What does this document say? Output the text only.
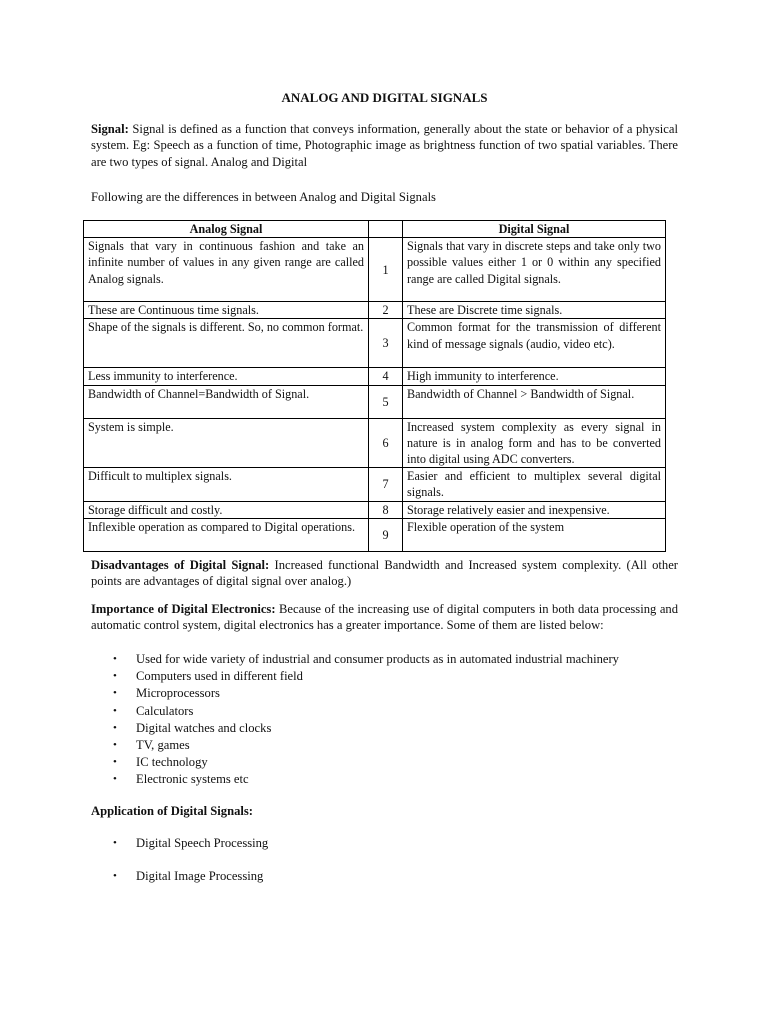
ANALOG AND DIGITAL SIGNALS

Signal: Signal is defined as a function that conveys information, generally about the state or behavior of a physical system. Eg: Speech as a function of time, Photographic image as brightness function of two spatial variables. There are two types of signal. Analog and Digital

Following are the differences in between Analog and Digital Signals

Analog Signal		Digital Signal
Signals that vary in continuous fashion and take an infinite number of values in any given range are called Analog signals.	1	Signals that vary in discrete steps and take only two possible values either 1 or 0 within any specified range are called Digital signals.
These are Continuous time signals.	2	These are Discrete time signals.
Shape of the signals is different. So, no common format.	3	Common format for the transmission of different kind of message signals (audio, video etc).
Less immunity to interference.	4	High immunity to interference.
Bandwidth of Channel=Bandwidth of Signal.	5	Bandwidth of Channel > Bandwidth of Signal.
System is simple.	6	Increased system complexity as every signal in nature is in analog form and has to be converted into digital using ADC converters.
Difficult to multiplex signals.	7	Easier and efficient to multiplex several digital signals.
Storage difficult and costly.	8	Storage relatively easier and inexpensive.
Inflexible operation as compared to Digital operations.	9	Flexible operation of the system

Disadvantages of Digital Signal: Increased functional Bandwidth and Increased system complexity. (All other points are advantages of digital signal over analog.)

Importance of Digital Electronics: Because of the increasing use of digital computers in both data processing and automatic control system, digital electronics has a greater importance. Some of them are listed below:

• Used for wide variety of industrial and consumer products as in automated industrial machinery
• Computers used in different field
• Microprocessors
• Calculators
• Digital watches and clocks
• TV, games
• IC technology
• Electronic systems etc

Application of Digital Signals:

• Digital Speech Processing
• Digital Image Processing
